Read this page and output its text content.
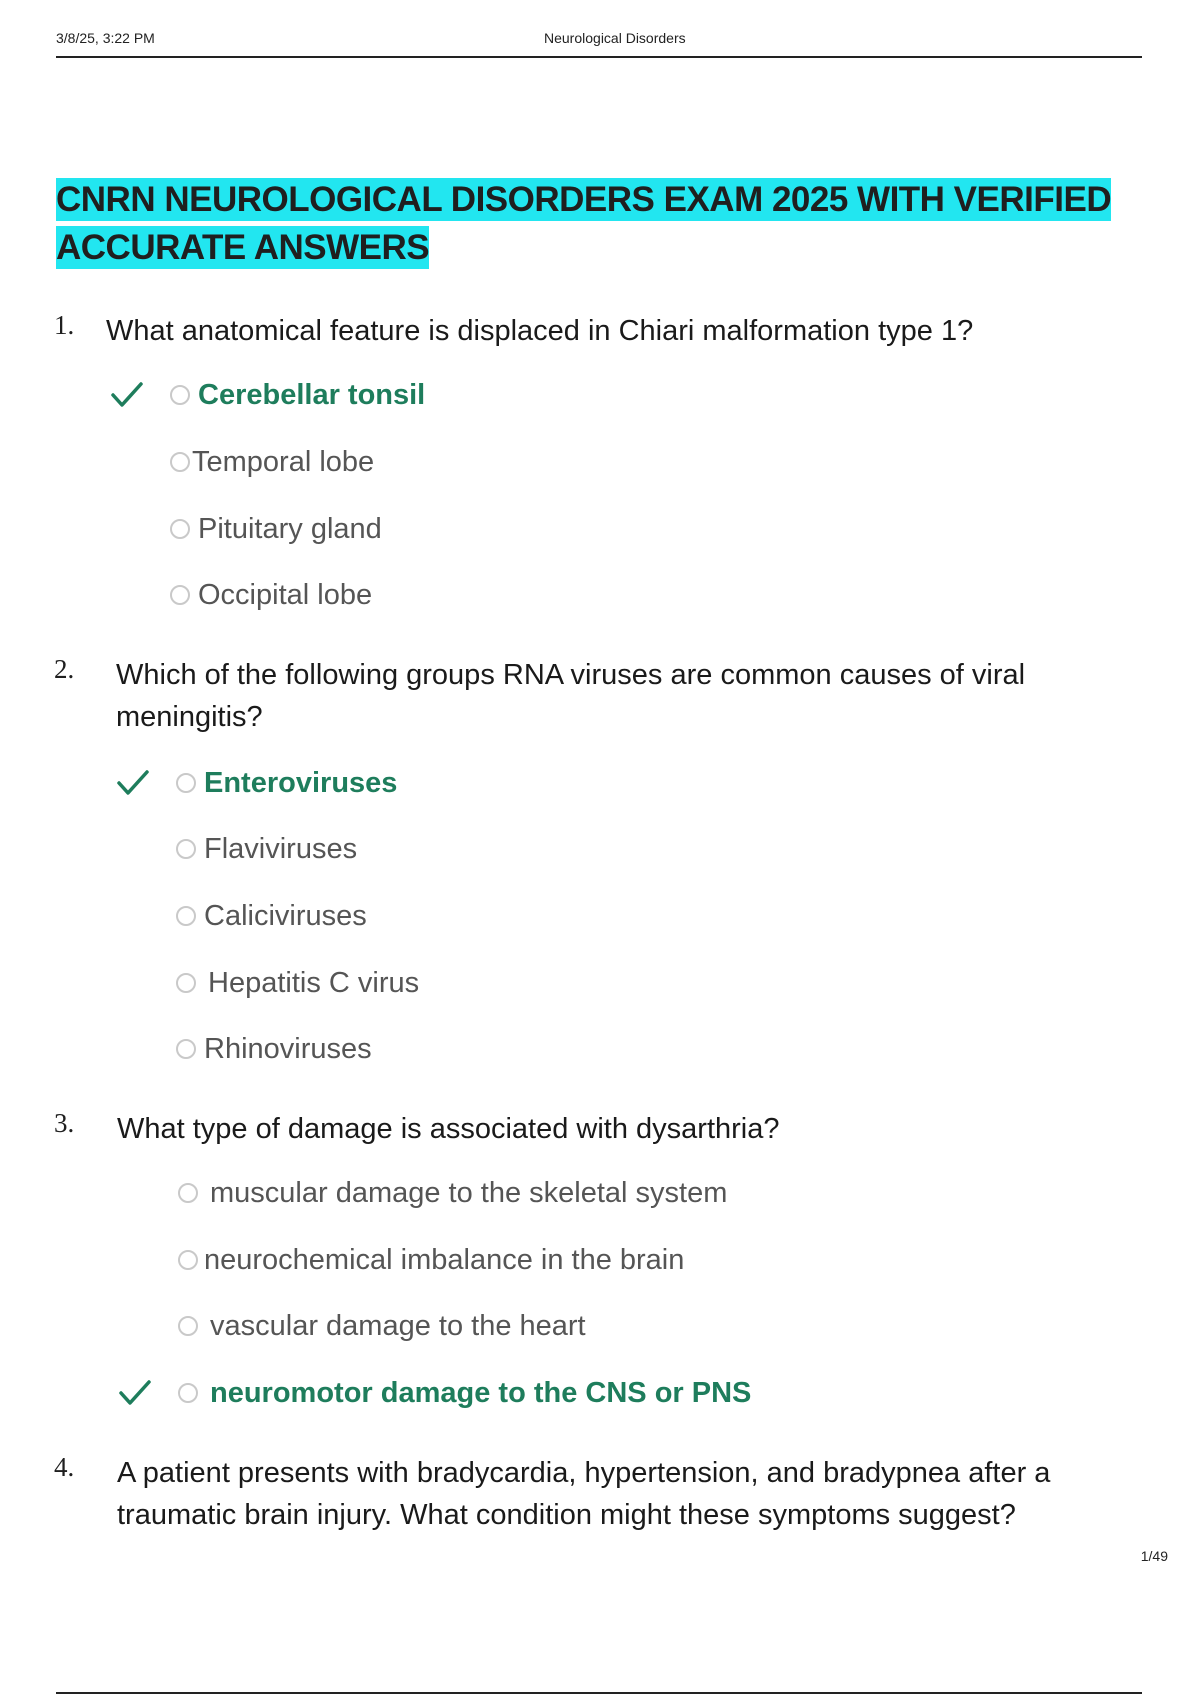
3/8/25, 3:22 PM	Neurological Disorders
CNRN NEUROLOGICAL DISORDERS EXAM 2025 WITH VERIFIED
ACCURATE ANSWERS
1. What anatomical feature is displaced in Chiari malformation type 1?
Cerebellar tonsil
Temporal lobe
Pituitary gland
Occipital lobe
2. Which of the following groups RNA viruses are common causes of viral meningitis?
Enteroviruses
Flaviviruses
Caliciviruses
Hepatitis C virus
Rhinoviruses
3. What type of damage is associated with dysarthria?
muscular damage to the skeletal system
neurochemical imbalance in the brain
vascular damage to the heart
neuromotor damage to the CNS or PNS
4. A patient presents with bradycardia, hypertension, and bradypnea after a traumatic brain injury. What condition might these symptoms suggest?
1/49
